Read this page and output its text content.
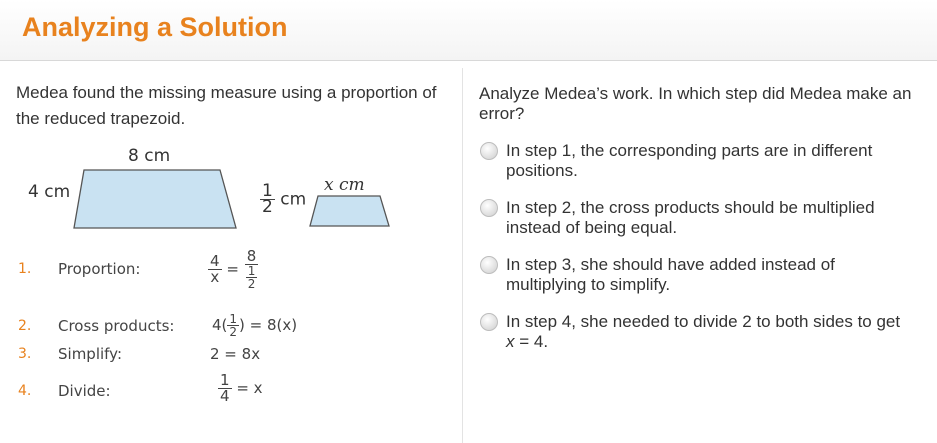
Analyzing a Solution
Medea found the missing measure using a proportion of the reduced trapezoid.
8 cm
4 cm	$\frac{1}{2}$ cm
x cm
1. Proportion:	$\frac{4}{x} = \frac{8}{\frac{1}{2}}$
2. Cross products:	$4( \frac{1}{2}$ ) = 8(x)
3. Simplify:	2 = 8x
4. Divide:	$\frac{1}{4} = x$
Analyze Medea’s work. In which step did Medea make an error?
In step 1, the corresponding parts are in different positions.
In step 2, the cross products should be multiplied instead of being equal.
In step 3, she should have added instead of multiplying to simplify.
In step 4, she needed to divide 2 to both sides to get x = 4.
